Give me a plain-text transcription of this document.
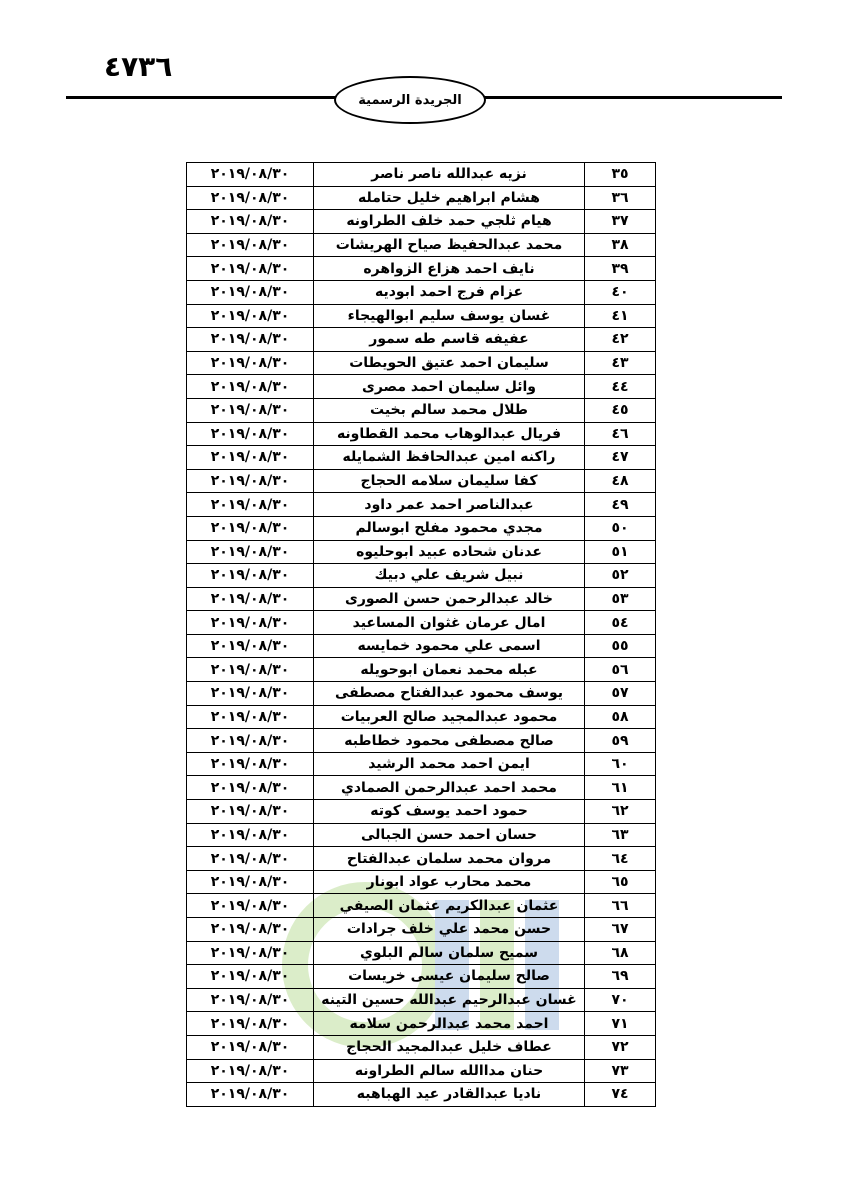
٤٧٣٦
الجريدة الرسمية
٣٥	نزيه عبدالله ناصر ناصر	٢٠١٩/٠٨/٣٠
٣٦	هشام ابراهيم خليل حتامله	٢٠١٩/٠٨/٣٠
٣٧	هيام ثلجي حمد خلف الطراونه	٢٠١٩/٠٨/٣٠
٣٨	محمد عبدالحفيظ صياح الهريشات	٢٠١٩/٠٨/٣٠
٣٩	نايف احمد هزاع الزواهره	٢٠١٩/٠٨/٣٠
٤٠	عزام فرج احمد ابوديه	٢٠١٩/٠٨/٣٠
٤١	غسان يوسف سليم ابوالهيجاء	٢٠١٩/٠٨/٣٠
٤٢	عفيفه قاسم طه سمور	٢٠١٩/٠٨/٣٠
٤٣	سليمان احمد عتيق الحويطات	٢٠١٩/٠٨/٣٠
٤٤	وائل سليمان احمد مصرى	٢٠١٩/٠٨/٣٠
٤٥	طلال محمد سالم بخيت	٢٠١٩/٠٨/٣٠
٤٦	فريال عبدالوهاب محمد القطاونه	٢٠١٩/٠٨/٣٠
٤٧	راكنه امين عبدالحافظ الشمايله	٢٠١٩/٠٨/٣٠
٤٨	كفا سليمان سلامه الحجاج	٢٠١٩/٠٨/٣٠
٤٩	عبدالناصر احمد عمر داود	٢٠١٩/٠٨/٣٠
٥٠	مجدي محمود مفلح ابوسالم	٢٠١٩/٠٨/٣٠
٥١	عدنان شحاده عبيد ابوحليوه	٢٠١٩/٠٨/٣٠
٥٢	نبيل شريف علي دبيك	٢٠١٩/٠٨/٣٠
٥٣	خالد عبدالرحمن حسن الصورى	٢٠١٩/٠٨/٣٠
٥٤	امال عرمان غثوان المساعيد	٢٠١٩/٠٨/٣٠
٥٥	اسمى علي محمود خمايسه	٢٠١٩/٠٨/٣٠
٥٦	عبله محمد نعمان ابوحويله	٢٠١٩/٠٨/٣٠
٥٧	يوسف محمود عبدالفتاح مصطفى	٢٠١٩/٠٨/٣٠
٥٨	محمود عبدالمجيد صالح العربيات	٢٠١٩/٠٨/٣٠
٥٩	صالح مصطفى محمود خطاطبه	٢٠١٩/٠٨/٣٠
٦٠	ايمن احمد محمد الرشيد	٢٠١٩/٠٨/٣٠
٦١	محمد احمد عبدالرحمن الصمادي	٢٠١٩/٠٨/٣٠
٦٢	حمود احمد يوسف كوته	٢٠١٩/٠٨/٣٠
٦٣	حسان احمد حسن الجبالى	٢٠١٩/٠٨/٣٠
٦٤	مروان محمد سلمان عبدالفتاح	٢٠١٩/٠٨/٣٠
٦٥	محمد محارب عواد ابونار	٢٠١٩/٠٨/٣٠
٦٦	عثمان عبدالكريم عثمان الصيفي	٢٠١٩/٠٨/٣٠
٦٧	حسن محمد علي خلف جرادات	٢٠١٩/٠٨/٣٠
٦٨	سميح سلمان سالم البلوي	٢٠١٩/٠٨/٣٠
٦٩	صالح سليمان عيسى خريسات	٢٠١٩/٠٨/٣٠
٧٠	غسان عبدالرحيم عبدالله حسين التينه	٢٠١٩/٠٨/٣٠
٧١	احمد محمد عبدالرحمن سلامه	٢٠١٩/٠٨/٣٠
٧٢	عطاف خليل عبدالمجيد الحجاج	٢٠١٩/٠٨/٣٠
٧٣	حنان مداالله سالم الطراونه	٢٠١٩/٠٨/٣٠
٧٤	ناديا عبدالقادر عيد الهباهبه	٢٠١٩/٠٨/٣٠
